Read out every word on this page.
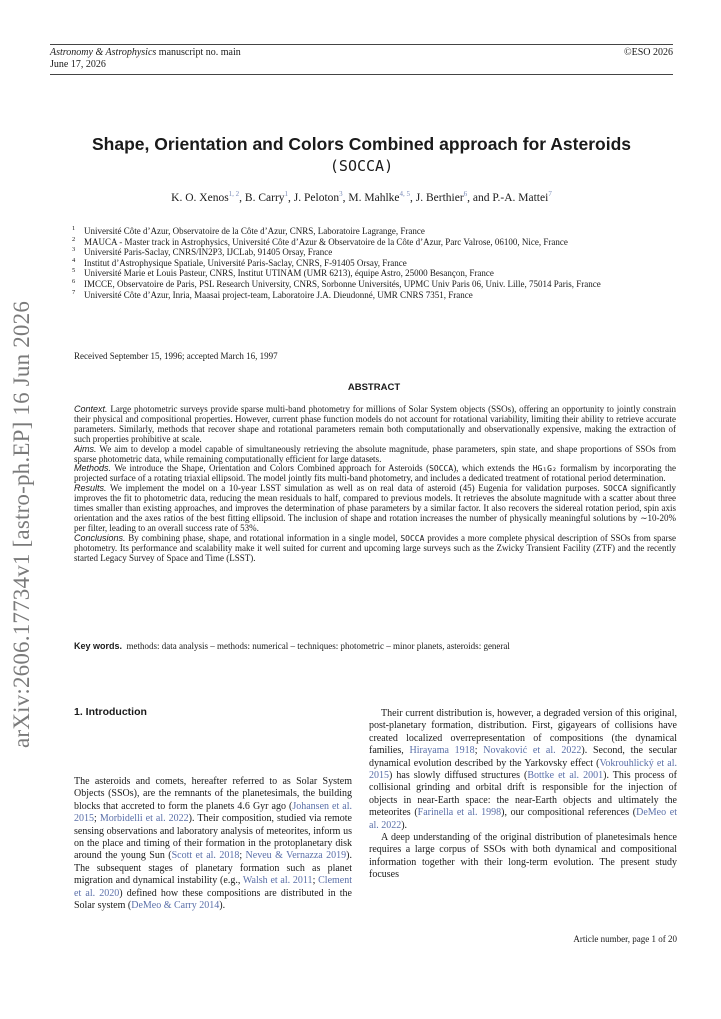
Astronomy & Astrophysics manuscript no. main	©ESO 2026
June 17, 2026
arXiv:2606.17734v1 [astro-ph.EP] 16 Jun 2026
Shape, Orientation and Colors Combined approach for Asteroids
(SOCCA)
K. O. Xenos$^{1, 2}$, B. Carry$^1$, J. Peloton$^3$, M. Mahlke$^{4, 5}$, J. Berthier$^6$, and P.-A. Mattei$^7$
1 Université Côte d’Azur, Observatoire de la Côte d’Azur, CNRS, Laboratoire Lagrange, France
2 MAUCA - Master track in Astrophysics, Université Côte d’Azur & Observatoire de la Côte d’Azur, Parc Valrose, 06100, Nice, France
3 Université Paris-Saclay, CNRS/IN2P3, IJCLab, 91405 Orsay, France
4 Institut d’Astrophysique Spatiale, Université Paris-Saclay, CNRS, F-91405 Orsay, France
5 Université Marie et Louis Pasteur, CNRS, Institut UTINAM (UMR 6213), équipe Astro, 25000 Besançon, France
6 IMCCE, Observatoire de Paris, PSL Research University, CNRS, Sorbonne Universités, UPMC Univ Paris 06, Univ. Lille, 75014 Paris, France
7 Université Côte d’Azur, Inria, Maasai project-team, Laboratoire J.A. Dieudonné, UMR CNRS 7351, France
Received September 15, 1996; accepted March 16, 1997
ABSTRACT

Context. Large photometric surveys provide sparse multi-band photometry for millions of Solar System objects (SSOs), offering an opportunity to jointly constrain their physical and compositional properties. However, current phase function models do not account for rotational variability, limiting their ability to retrieve accurate parameters. Similarly, methods that recover shape and rotational parameters remain both computationally and observationally expensive, making the extraction of such properties prohibitive at scale.

Aims. We aim to develop a model capable of simultaneously retrieving the absolute magnitude, phase parameters, spin state, and shape proportions of SSOs from sparse photometric data, while remaining computationally efficient for large datasets.

Methods. We introduce the Shape, Orientation and Colors Combined approach for Asteroids (SOCCA), which extends the HG₁G₂ formalism by incorporating the projected surface of a rotating triaxial ellipsoid. The model jointly fits multi-band photometry, and includes a dedicated treatment of rotational period determination.

Results. We implement the model on a 10-year LSST simulation as well as on real data of asteroid (45) Eugenia for validation purposes. SOCCA significantly improves the fit to photometric data, reducing the mean residuals to half, compared to previous models. It retrieves the absolute magnitude with a scatter about three times smaller than existing approaches, and improves the determination of phase parameters by a similar factor. It also recovers the sidereal rotation period, spin axis orientation and the axes ratios of the best fitting ellipsoid. The inclusion of shape and rotation increases the number of physically meaningful solutions by ∼10-20% per filter, leading to an overall success rate of 53%.

Conclusions. By combining phase, shape, and rotational information in a single model, SOCCA provides a more complete physical description of SSOs from sparse photometry. Its performance and scalability make it well suited for current and upcoming large surveys such as the Zwicky Transient Facility (ZTF) and the recently started Legacy Survey of Space and Time (LSST).

Key words. methods: data analysis – methods: numerical – techniques: photometric – minor planets, asteroids: general
1. Introduction

The asteroids and comets, hereafter referred to as Solar System Objects (SSOs), are the remnants of the planetesimals, the building blocks that accreted to form the planets 4.6 Gyr ago (Johansen et al. 2015; Morbidelli et al. 2022). Their composition, studied via remote sensing observations and laboratory analysis of meteorites, inform us on the place and timing of their formation in the protoplanetary disk around the young Sun (Scott et al. 2018; Neveu & Vernazza 2019). The subsequent stages of planetary formation such as planet migration and dynamical instability (e.g., Walsh et al. 2011; Clement et al. 2020) defined how these compositions are distributed in the Solar system (DeMeo & Carry 2014).

Their current distribution is, however, a degraded version of this original, post-planetary formation, distribution. First, gigayears of collisions have created localized overrepresentation of compositions (the dynamical families, Hirayama 1918; Novaković et al. 2022). Second, the secular dynamical evolution described by the Yarkovsky effect (Vokrouhlický et al. 2015) has slowly diffused structures (Bottke et al. 2001). This process of collisional grinding and orbital drift is responsible for the injection of objects in near-Earth space: the near-Earth objects and ultimately the meteorites (Farinella et al. 1998), our compositional references (DeMeo et al. 2022).

A deep understanding of the original distribution of planetesimals hence requires a large corpus of SSOs with both dynamical and compositional information together with their long-term evolution. The present study focuses

Article number, page 1 of 20
